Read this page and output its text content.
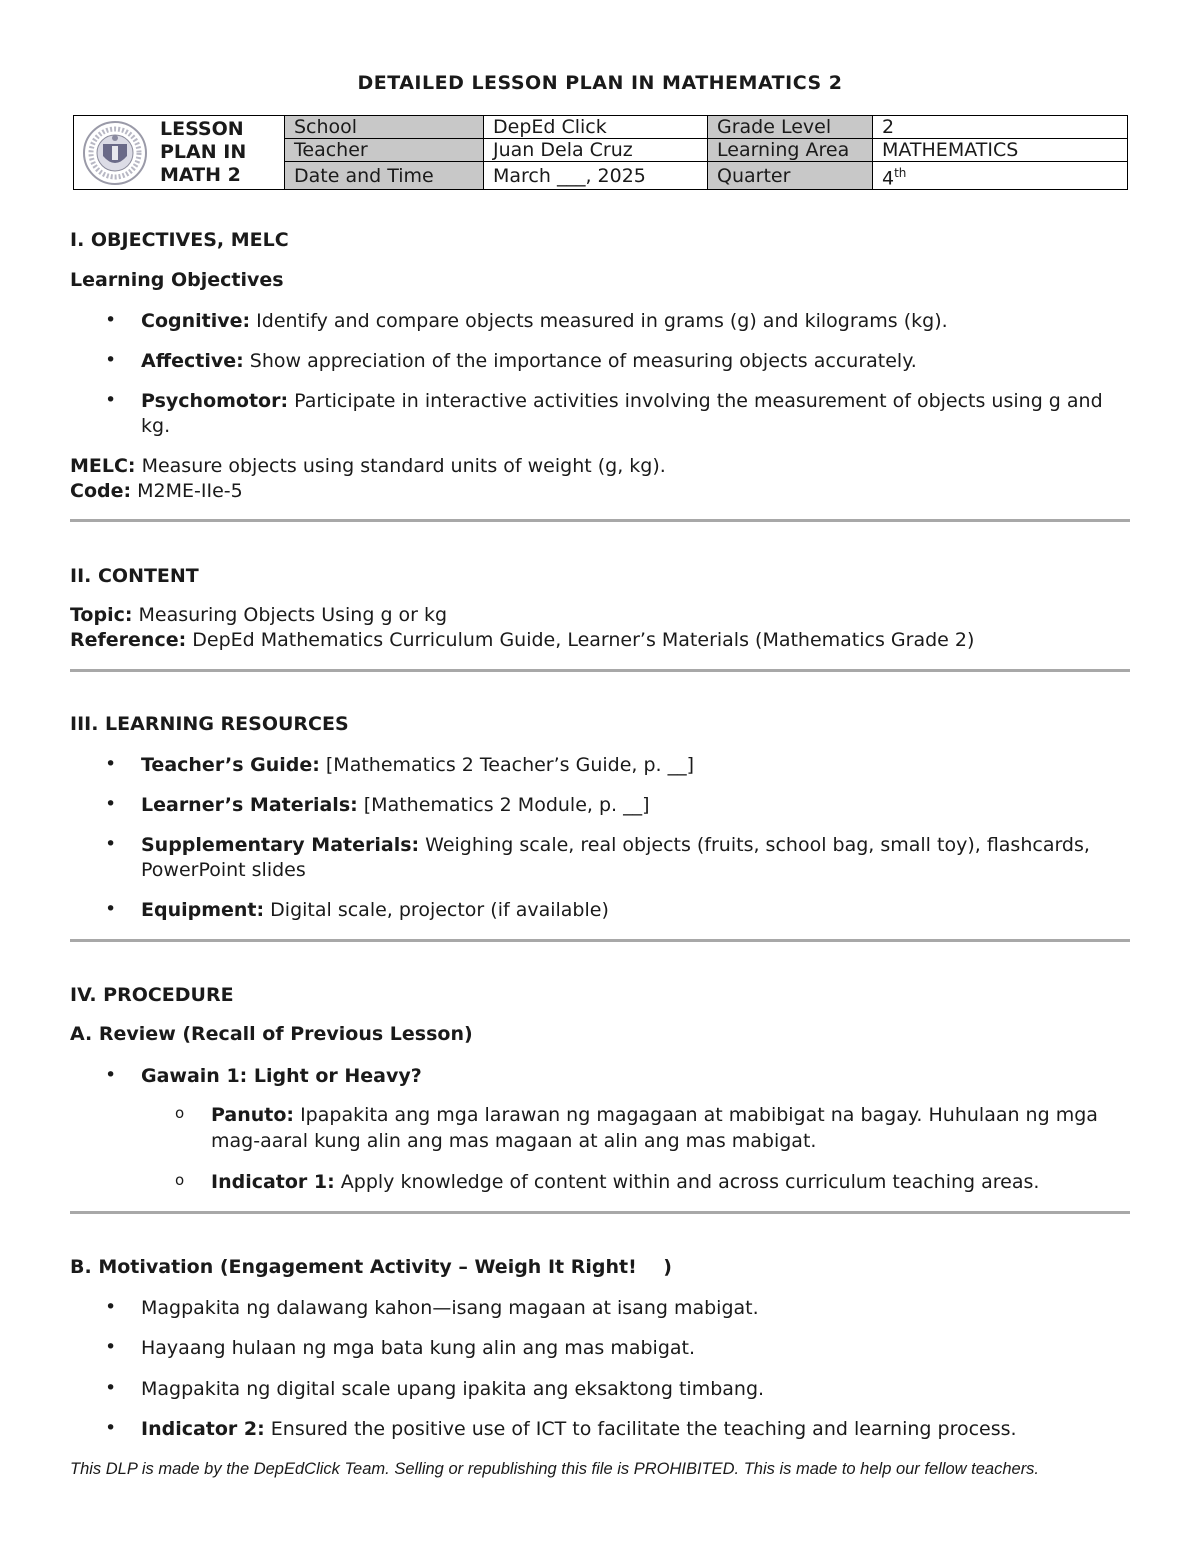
DETAILED LESSON PLAN IN MATHEMATICS 2
LESSON
PLAN IN
MATH 2	School	DepEd Click	Grade Level	2
	Teacher	Juan Dela Cruz	Learning Area	MATHEMATICS
	Date and Time	March ___, 2025	Quarter	4th
I. OBJECTIVES, MELC
Learning Objectives
• Cognitive: Identify and compare objects measured in grams (g) and kilograms (kg).
• Affective: Show appreciation of the importance of measuring objects accurately.
• Psychomotor: Participate in interactive activities involving the measurement of objects using g and kg.
MELC: Measure objects using standard units of weight (g, kg).
Code: M2ME-IIe-5
II. CONTENT
Topic: Measuring Objects Using g or kg
Reference: DepEd Mathematics Curriculum Guide, Learner’s Materials (Mathematics Grade 2)
III. LEARNING RESOURCES
• Teacher’s Guide: [Mathematics 2 Teacher’s Guide, p. __]
• Learner’s Materials: [Mathematics 2 Module, p. __]
• Supplementary Materials: Weighing scale, real objects (fruits, school bag, small toy), flashcards, PowerPoint slides
• Equipment: Digital scale, projector (if available)
IV. PROCEDURE
A. Review (Recall of Previous Lesson)
• Gawain 1: Light or Heavy?
o Panuto: Ipapakita ang mga larawan ng magagaan at mabibigat na bagay. Huhulaan ng mga mag-aaral kung alin ang mas magaan at alin ang mas mabigat.
o Indicator 1: Apply knowledge of content within and across curriculum teaching areas.
B. Motivation (Engagement Activity – Weigh It Right!    )
• Magpakita ng dalawang kahon—isang magaan at isang mabigat.
• Hayaang hulaan ng mga bata kung alin ang mas mabigat.
• Magpakita ng digital scale upang ipakita ang eksaktong timbang.
• Indicator 2: Ensured the positive use of ICT to facilitate the teaching and learning process.
This DLP is made by the DepEdClick Team. Selling or republishing this file is PROHIBITED. This is made to help our fellow teachers.
